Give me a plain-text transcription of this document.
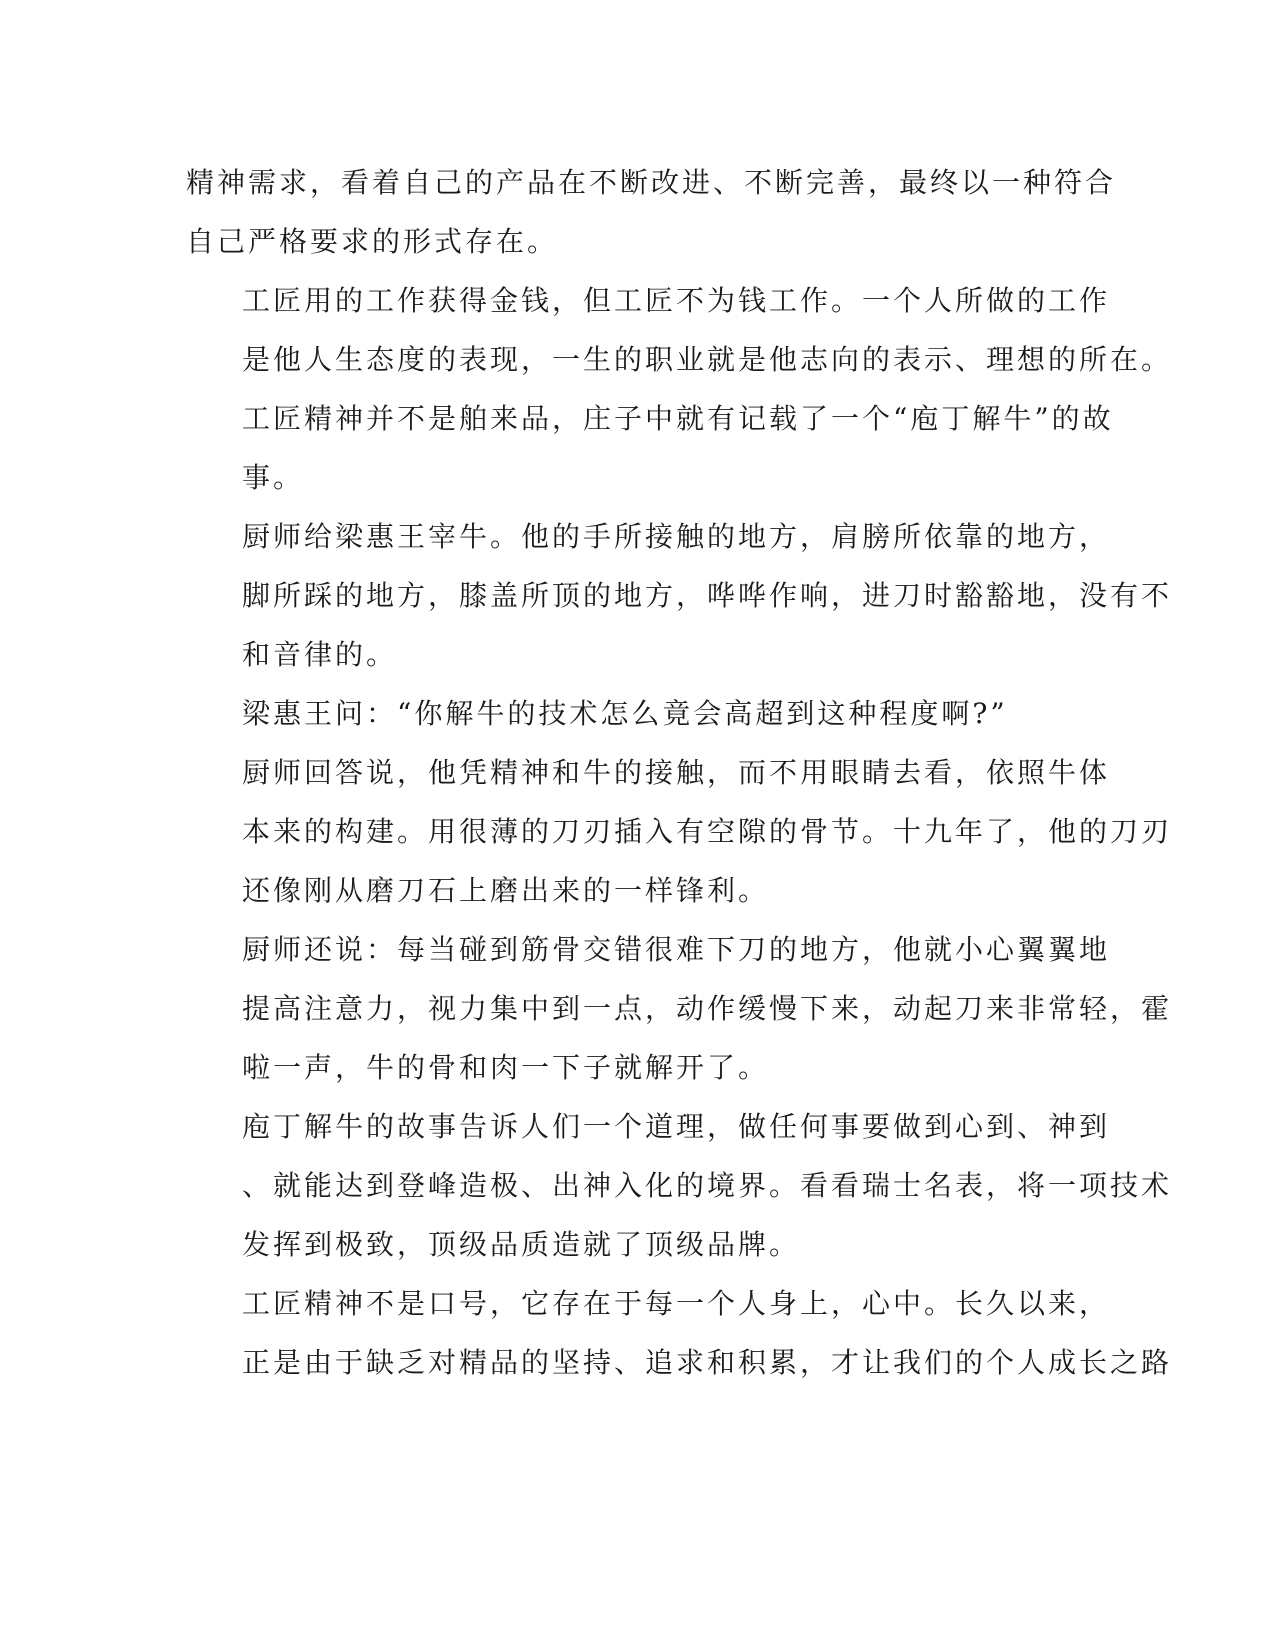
精神需求，看着自己的产品在不断改进、不断完善，最终以一种符合
自己严格要求的形式存在。
工匠用的工作获得金钱，但工匠不为钱工作。一个人所做的工作
是他人生态度的表现，一生的职业就是他志向的表示、理想的所在。
工匠精神并不是舶来品，庄子中就有记载了一个“庖丁解牛”的故
事。
厨师给梁惠王宰牛。他的手所接触的地方，肩膀所依靠的地方，
脚所踩的地方，膝盖所顶的地方，哗哗作响，进刀时豁豁地，没有不
和音律的。
梁惠王问：“你解牛的技术怎么竟会高超到这种程度啊?”
厨师回答说，他凭精神和牛的接触，而不用眼睛去看，依照牛体
本来的构建。用很薄的刀刃插入有空隙的骨节。十九年了，他的刀刃
还像刚从磨刀石上磨出来的一样锋利。
厨师还说：每当碰到筋骨交错很难下刀的地方，他就小心翼翼地
提高注意力，视力集中到一点，动作缓慢下来，动起刀来非常轻，霍
啦一声，牛的骨和肉一下子就解开了。
庖丁解牛的故事告诉人们一个道理，做任何事要做到心到、神到
、就能达到登峰造极、出神入化的境界。看看瑞士名表，将一项技术
发挥到极致，顶级品质造就了顶级品牌。
工匠精神不是口号，它存在于每一个人身上，心中。长久以来，
正是由于缺乏对精品的坚持、追求和积累，才让我们的个人成长之路
